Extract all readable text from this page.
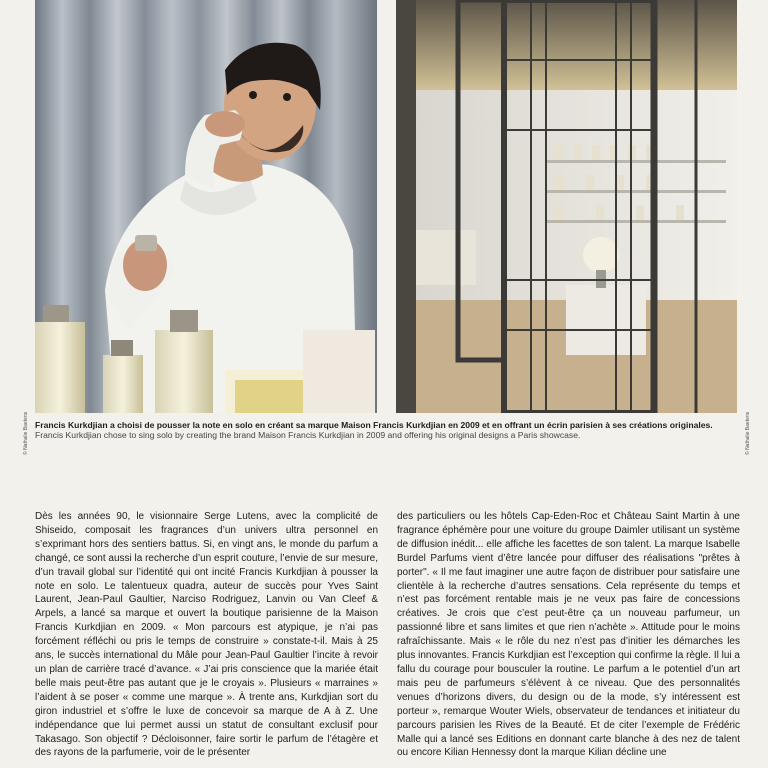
© Nathalie Baetens	© Nathalie Baetens
Francis Kurkdjian a choisi de pousser la note en solo en créant sa marque Maison Francis Kurkdjian en 2009 et en offrant un écrin parisien à ses créations originales.
Francis Kurkdjian chose to sing solo by creating the brand Maison Francis Kurkdjian in 2009 and offering his original designs a Paris showcase.

Dès les années 90, le visionnaire Serge Lutens, avec la complicité de Shiseido, composait les fragrances d’un univers ultra personnel en s’exprimant hors des sentiers battus. Si, en vingt ans, le monde du parfum a changé, ce sont aussi la recherche d’un esprit couture, l’envie de sur mesure, d’un travail global sur l’identité qui ont incité Francis Kurkdjian à pousser la note en solo. Le talentueux quadra, auteur de succès pour Yves Saint Laurent, Jean-Paul Gaultier, Narciso Rodriguez, Lanvin ou Van Cleef & Arpels, a lancé sa marque et ouvert la boutique parisienne de la Maison Francis Kurkdjian en 2009. « Mon parcours est atypique, je n’ai pas forcément réfléchi ou pris le temps de construire » constate-t-il. Mais à 25 ans, le succès international du Mâle pour Jean-Paul Gaultier l’incite à revoir un plan de carrière tracé d’avance. « J’ai pris conscience que la mariée était belle mais peut-être pas autant que je le croyais ». Plusieurs « marraines » l’aident à se poser « comme une marque ». À trente ans, Kurkdjian sort du giron industriel et s’offre le luxe de concevoir sa marque de A à Z. Une indépendance que lui permet aussi un statut de consultant exclusif pour Takasago. Son objectif ? Décloisonner, faire sortir le parfum de l’étagère et des rayons de la parfumerie, voir de le présenter

des particuliers ou les hôtels Cap-Eden-Roc et Château Saint Martin à une fragrance éphémère pour une voiture du groupe Daimler utilisant un système de diffusion inédit... elle affiche les facettes de son talent. La marque Isabelle Burdel Parfums vient d’être lancée pour diffuser des réalisations "prêtes à porter". « Il me faut imaginer une autre façon de distribuer pour satisfaire une clientèle à la recherche d’autres sensations. Cela représente du temps et n’est pas forcément rentable mais je ne veux pas faire de concessions créatives. Je crois que c’est peut-être ça un nouveau parfumeur, un passionné libre et sans limites et que rien n’achète ». Attitude pour le moins rafraîchissante. Mais « le rôle du nez n’est pas d’initier les démarches les plus innovantes. Francis Kurkdjian est l’exception qui confirme la règle. Il lui a fallu du courage pour bousculer la routine. Le parfum a le potentiel d’un art mais peu de parfumeurs s’élèvent à ce niveau. Que des personnalités venues d’horizons divers, du design ou de la mode, s’y intéressent est porteur », remarque Wouter Wiels, observateur de tendances et initiateur du parcours parisien les Rives de la Beauté. Et de citer l’exemple de Frédéric Malle qui a lancé ses Editions en donnant carte blanche à des nez de talent ou encore Kilian Hennessy dont la marque Kilian décline une
